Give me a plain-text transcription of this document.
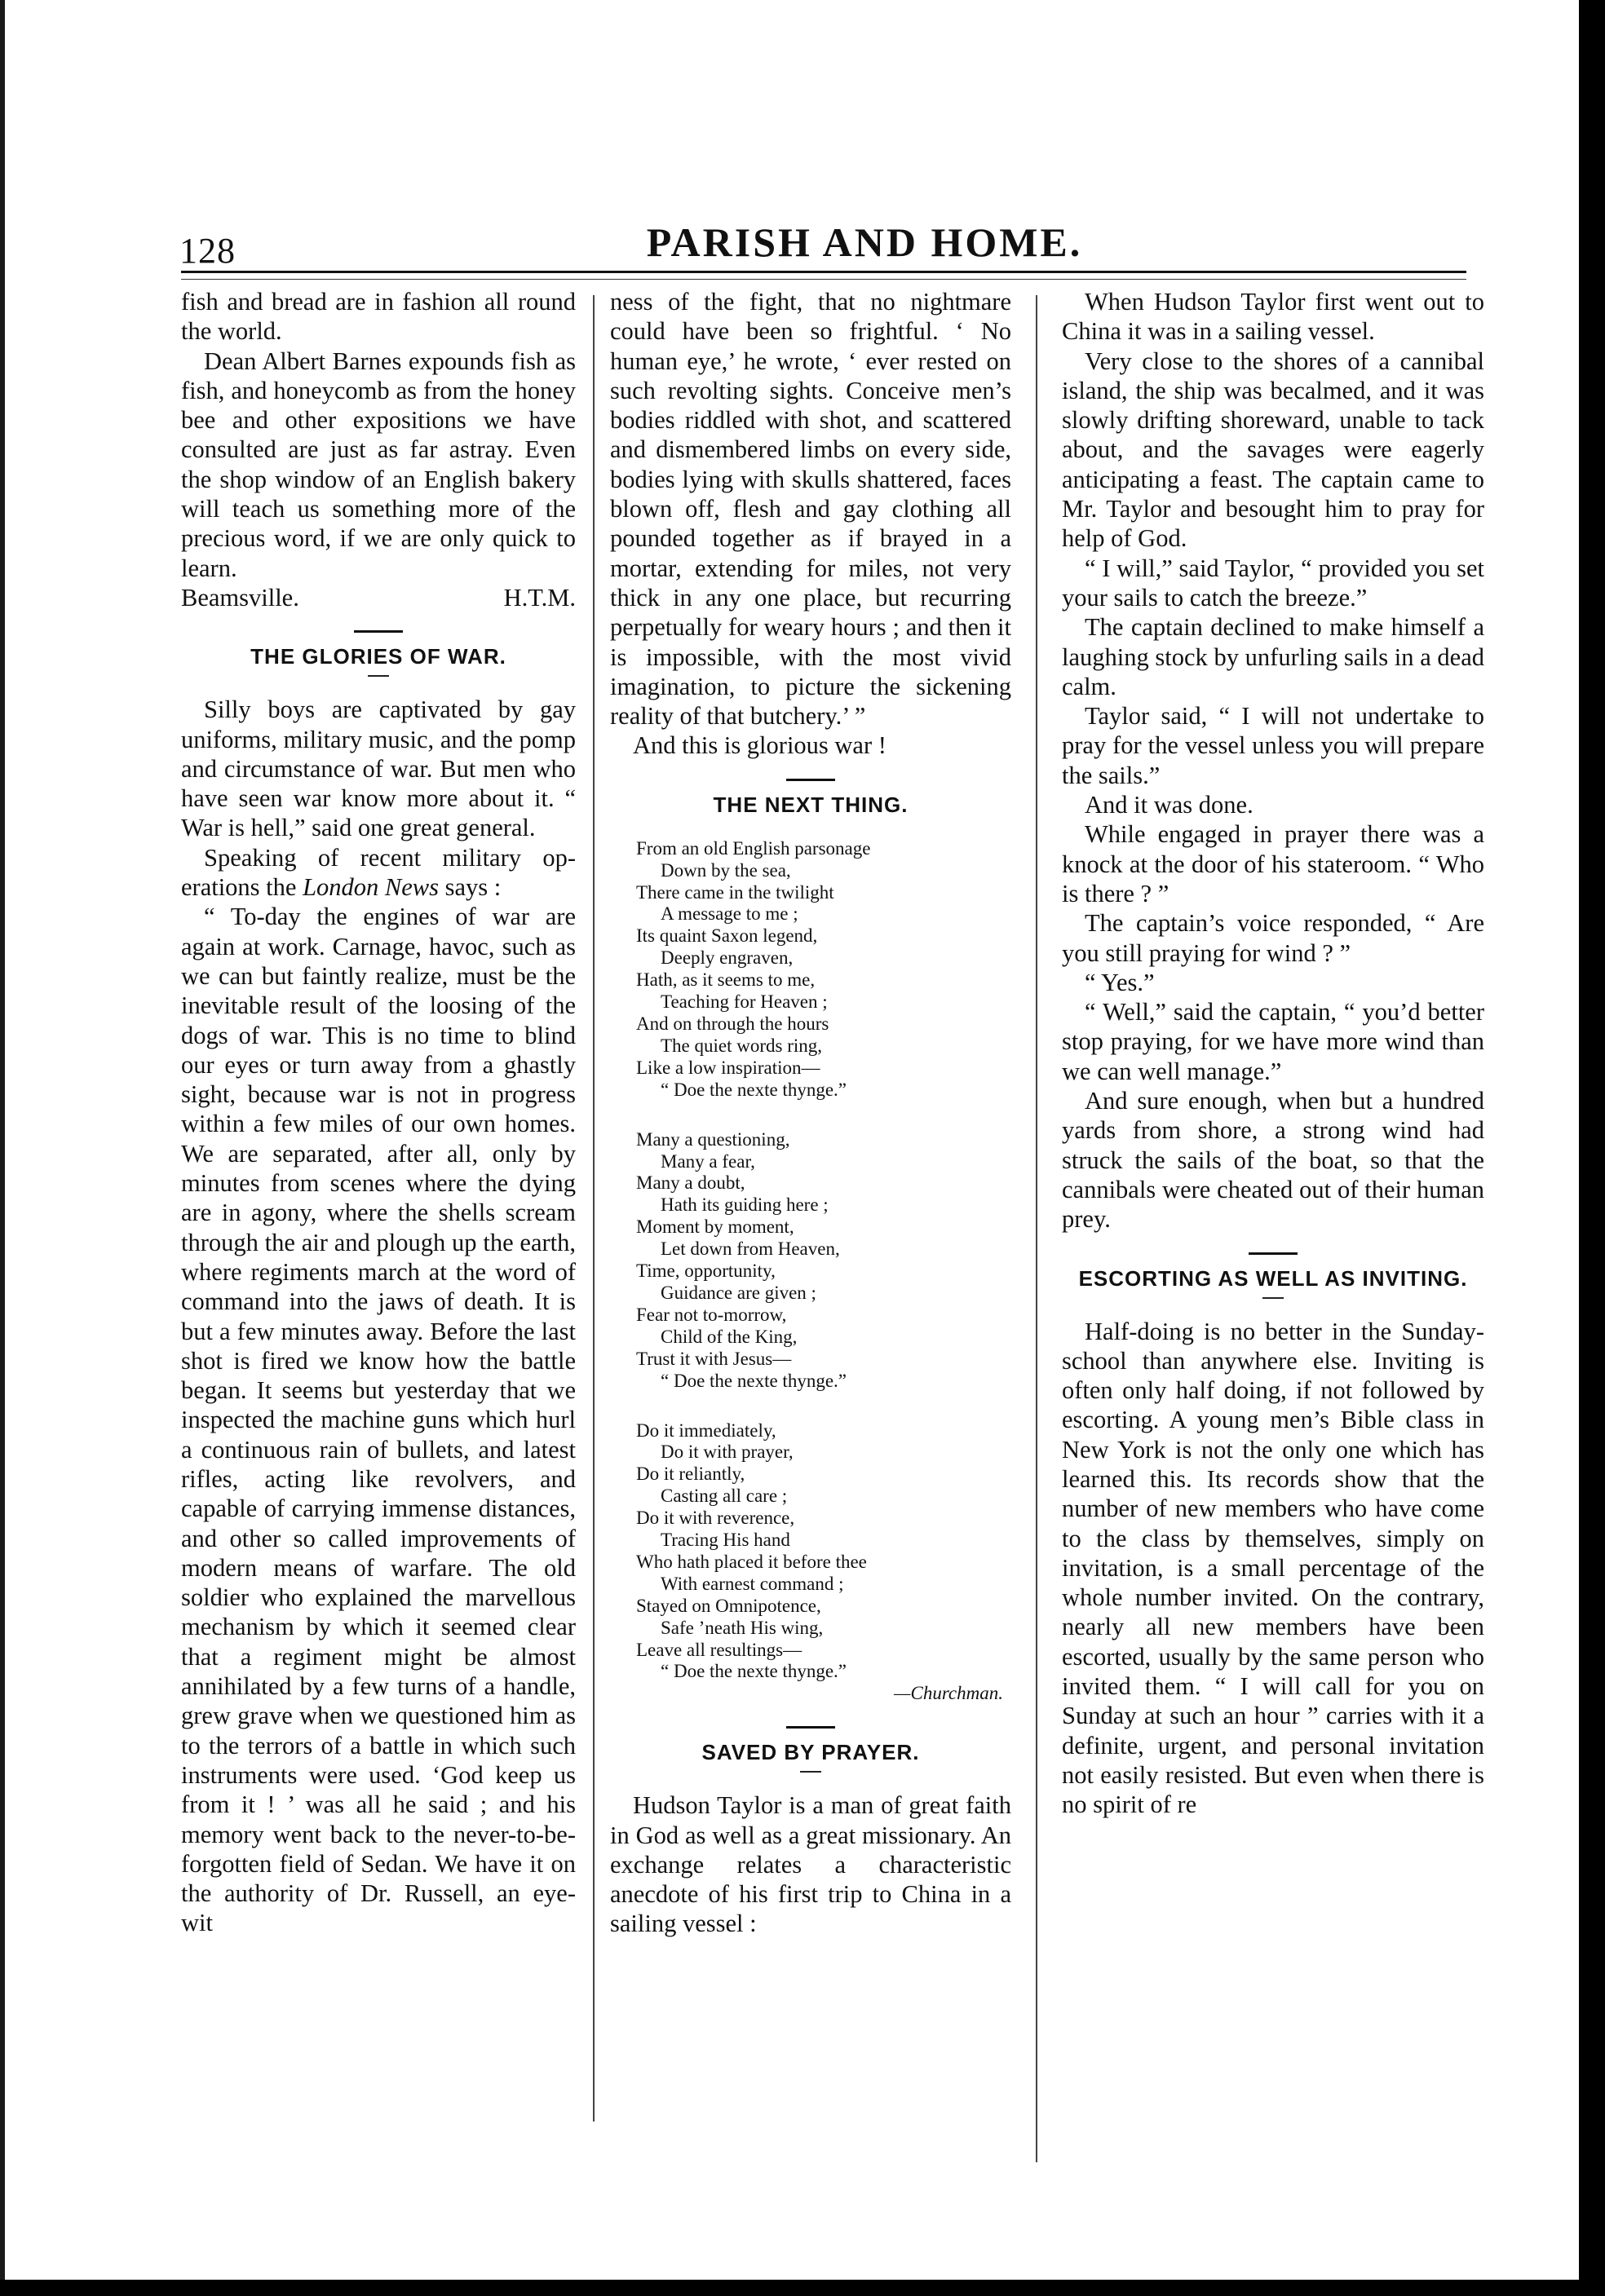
128	PARISH AND HOME.

fish and bread are in fashion all round the world.

Dean Albert Barnes expounds fish as fish, and honeycomb as from the honey bee and other expositions we have consulted are just as far astray. Even the shop window of an English bakery will teach us something more of the precious word, if we are only quick to learn.

Beamsville.	H.T.M.

THE GLORIES OF WAR.

Silly boys are captivated by gay uniforms, military music, and the pomp and circumstance of war. But men who have seen war know more about it. “ War is hell,” said one great general.

Speaking of recent military operations the London News says :

“ To-day the engines of war are again at work. Carnage, havoc, such as we can but faintly realize, must be the inevitable result of the loosing of the dogs of war. This is no time to blind our eyes or turn away from a ghastly sight, because war is not in progress within a few miles of our own homes. We are separated, after all, only by minutes from scenes where the dying are in agony, where the shells scream through the air and plough up the earth, where regiments march at the word of command into the jaws of death. It is but a few minutes away. Before the last shot is fired we know how the battle began. It seems but yesterday that we inspected the machine guns which hurl a continuous rain of bullets, and latest rifles, acting like revolvers, and capable of carrying immense distances, and other so called improvements of modern means of warfare. The old soldier who explained the marvellous mechanism by which it seemed clear that a regiment might be almost annihilated by a few turns of a handle, grew grave when we questioned him as to the terrors of a battle in which such instruments were used. ‘God keep us from it ! ’ was all he said ; and his memory went back to the never-to-be-forgotten field of Sedan. We have it on the authority of Dr. Russell, an eye-wit

ness of the fight, that no nightmare could have been so frightful. ‘ No human eye,’ he wrote, ‘ ever rested on such revolting sights. Conceive men’s bodies riddled with shot, and scattered and dismembered limbs on every side, bodies lying with skulls shattered, faces blown off, flesh and gay clothing all pounded together as if brayed in a mortar, extending for miles, not very thick in any one place, but recurring perpetually for weary hours ; and then it is impossible, with the most vivid imagination, to picture the sickening reality of that butchery.’ ”

And this is glorious war !

THE NEXT THING.

From an old English parsonage
Down by the sea,
There came in the twilight
A message to me ;
Its quaint Saxon legend,
Deeply engraven,
Hath, as it seems to me,
Teaching for Heaven ;
And on through the hours
The quiet words ring,
Like a low inspiration—
“ Doe the nexte thynge.”
Many a questioning,
Many a fear,
Many a doubt,
Hath its guiding here ;
Moment by moment,
Let down from Heaven,
Time, opportunity,
Guidance are given ;
Fear not to-morrow,
Child of the King,
Trust it with Jesus—
“ Doe the nexte thynge.”
Do it immediately,
Do it with prayer,
Do it reliantly,
Casting all care ;
Do it with reverence,
Tracing His hand
Who hath placed it before thee
With earnest command ;
Stayed on Omnipotence,
Safe ’neath His wing,
Leave all resultings—
“ Doe the nexte thynge.”
—Churchman.

SAVED BY PRAYER.

Hudson Taylor is a man of great faith in God as well as a great missionary. An exchange relates a characteristic anecdote of his first trip to China in a sailing vessel :

When Hudson Taylor first went out to China it was in a sailing vessel.

Very close to the shores of a cannibal island, the ship was becalmed, and it was slowly drifting shoreward, unable to tack about, and the savages were eagerly anticipating a feast. The captain came to Mr. Taylor and besought him to pray for help of God.

“ I will,” said Taylor, “ provided you set your sails to catch the breeze.”

The captain declined to make himself a laughing stock by unfurling sails in a dead calm.

Taylor said, “ I will not undertake to pray for the vessel unless you will prepare the sails.”

And it was done.

While engaged in prayer there was a knock at the door of his stateroom. “ Who is there ? ”

The captain’s voice responded, “ Are you still praying for wind ? ”

“ Yes.”

“ Well,” said the captain, “ you’d better stop praying, for we have more wind than we can well manage.”

And sure enough, when but a hundred yards from shore, a strong wind had struck the sails of the boat, so that the cannibals were cheated out of their human prey.

ESCORTING AS WELL AS INVITING.

Half-doing is no better in the Sunday-school than anywhere else. Inviting is often only half doing, if not followed by escorting. A young men’s Bible class in New York is not the only one which has learned this. Its records show that the number of new members who have come to the class by themselves, simply on invitation, is a small percentage of the whole number invited. On the contrary, nearly all new members have been escorted, usually by the same person who invited them. “ I will call for you on Sunday at such an hour ” carries with it a definite, urgent, and personal invitation not easily resisted. But even when there is no spirit of re
